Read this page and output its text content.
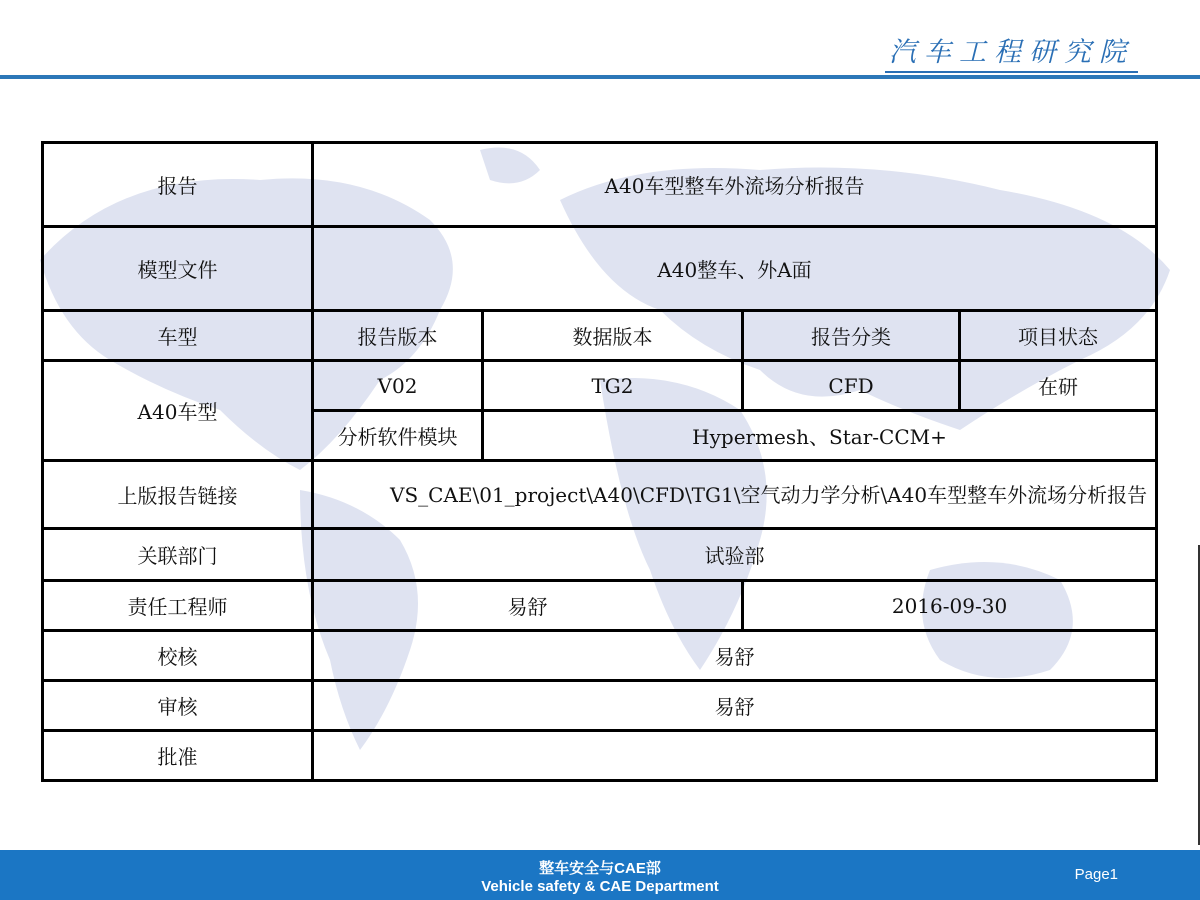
汽车工程研究院
报告	A40车型整车外流场分析报告			
模型文件	A40整车、外A面			
车型	报告版本	数据版本	报告分类	项目状态
A40车型	V02	TG2	CFD	在研
	分析软件模块	Hypermesh、Star-CCM+		
上版报告链接	VS_CAE\01_project\A40\CFD\TG1\空气动力学分析\A40车型整车外流场分析报告			
关联部门	试验部			
责任工程师	易舒		2016-09-30	
校核	易舒			
审核	易舒			
批准				
整车安全与CAE部
Vehicle safety & CAE Department
Page1
